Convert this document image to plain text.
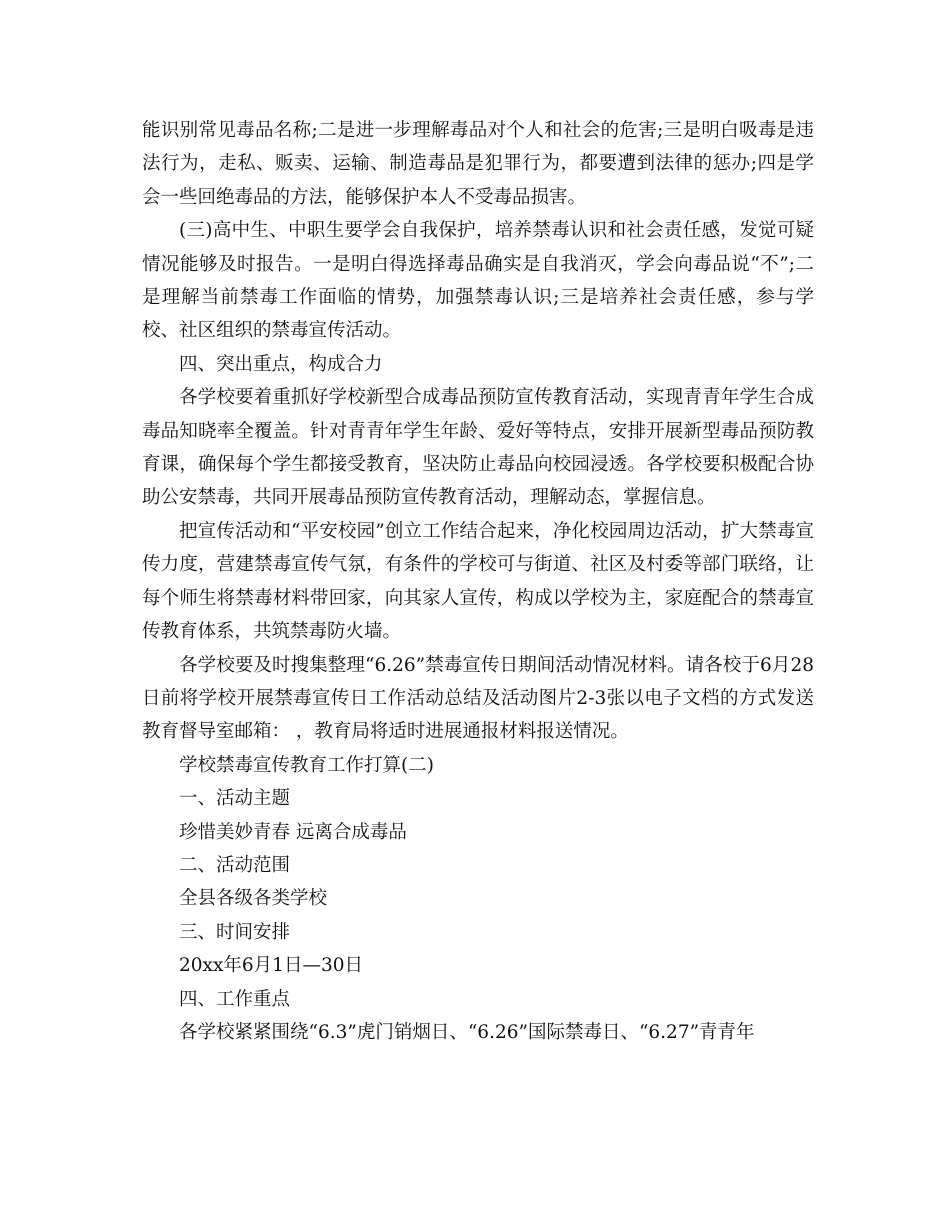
能识别常见毒品名称;二是进一步理解毒品对个人和社会的危害;三是明白吸毒是违法行为，走私、贩卖、运输、制造毒品是犯罪行为，都要遭到法律的惩办;四是学会一些回绝毒品的方法，能够保护本人不受毒品损害。

(三)高中生、中职生要学会自我保护，培养禁毒认识和社会责任感，发觉可疑情况能够及时报告。一是明白得选择毒品确实是自我消灭，学会向毒品说“不”;二是理解当前禁毒工作面临的情势，加强禁毒认识;三是培养社会责任感，参与学校、社区组织的禁毒宣传活动。

四、突出重点，构成合力

各学校要着重抓好学校新型合成毒品预防宣传教育活动，实现青青年学生合成毒品知晓率全覆盖。针对青青年学生年龄、爱好等特点，安排开展新型毒品预防教育课，确保每个学生都接受教育，坚决防止毒品向校园浸透。各学校要积极配合协助公安禁毒，共同开展毒品预防宣传教育活动，理解动态，掌握信息。

把宣传活动和“平安校园”创立工作结合起来，净化校园周边活动，扩大禁毒宣传力度，营建禁毒宣传气氛，有条件的学校可与街道、社区及村委等部门联络，让每个师生将禁毒材料带回家，向其家人宣传，构成以学校为主，家庭配合的禁毒宣传教育体系，共筑禁毒防火墙。

各学校要及时搜集整理“6.26”禁毒宣传日期间活动情况材料。请各校于6月28日前将学校开展禁毒宣传日工作活动总结及活动图片2-3张以电子文档的方式发送教育督导室邮箱： ，教育局将适时进展通报材料报送情况。

学校禁毒宣传教育工作打算(二)

一、活动主题

珍惜美妙青春 远离合成毒品

二、活动范围

全县各级各类学校

三、时间安排

20xx年6月1日—30日

四、工作重点

各学校紧紧围绕“6.3”虎门销烟日、“6.26”国际禁毒日、“6.27”青青年
